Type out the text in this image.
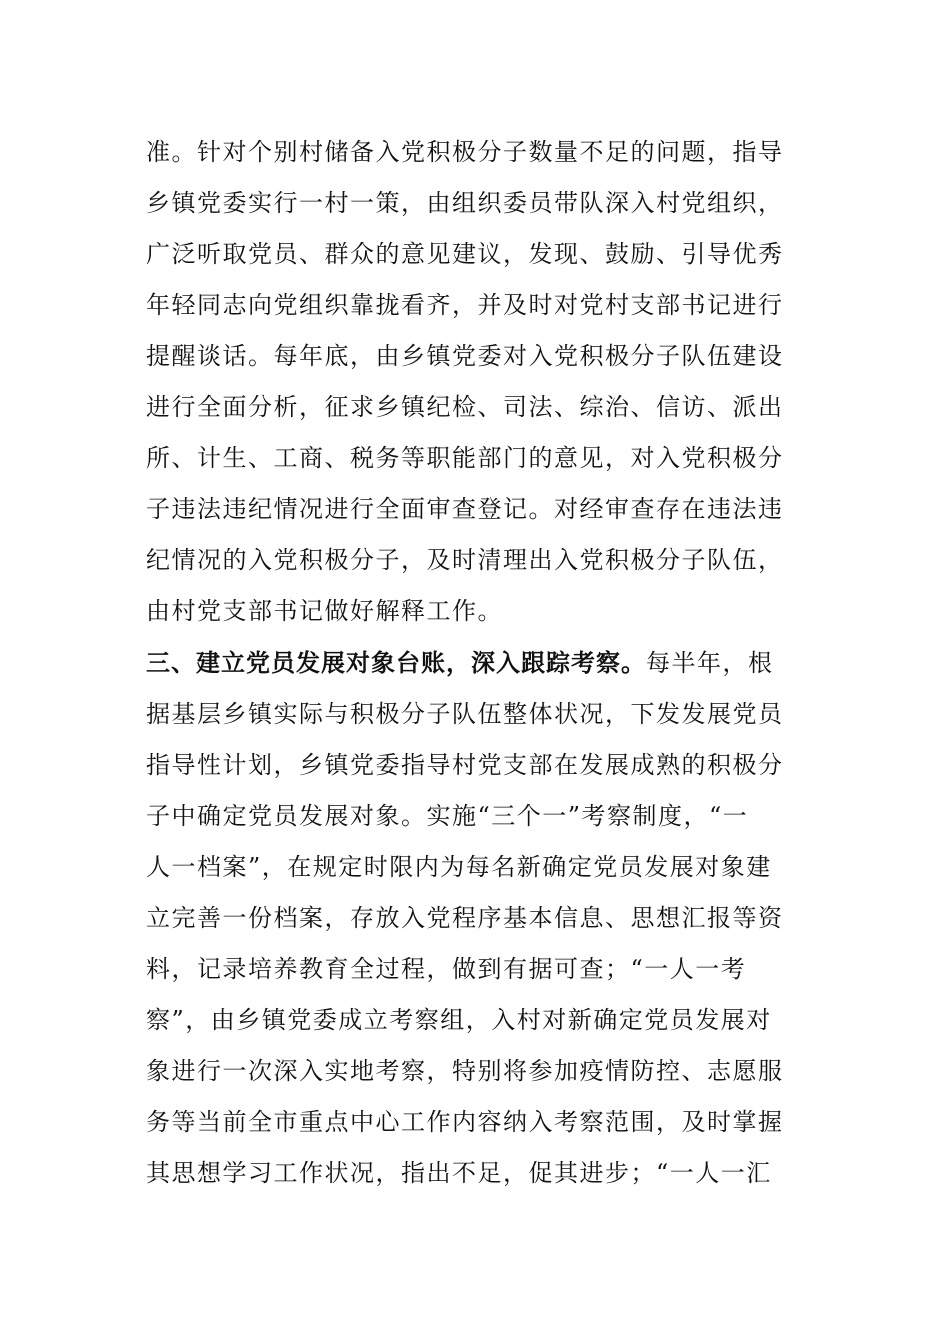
准。针对个别村储备入党积极分子数量不足的问题，指导
乡镇党委实行一村一策，由组织委员带队深入村党组织，
广泛听取党员、群众的意见建议，发现、鼓励、引导优秀
年轻同志向党组织靠拢看齐，并及时对党村支部书记进行
提醒谈话。每年底，由乡镇党委对入党积极分子队伍建设
进行全面分析，征求乡镇纪检、司法、综治、信访、派出
所、计生、工商、税务等职能部门的意见，对入党积极分
子违法违纪情况进行全面审查登记。对经审查存在违法违
纪情况的入党积极分子，及时清理出入党积极分子队伍，
由村党支部书记做好解释工作。
三、建立党员发展对象台账，深入跟踪考察。每半年，根
据基层乡镇实际与积极分子队伍整体状况，下发发展党员
指导性计划，乡镇党委指导村党支部在发展成熟的积极分
子中确定党员发展对象。实施“三个一”考察制度，“一
人一档案”，在规定时限内为每名新确定党员发展对象建
立完善一份档案，存放入党程序基本信息、思想汇报等资
料，记录培养教育全过程，做到有据可查；“一人一考
察”，由乡镇党委成立考察组，入村对新确定党员发展对
象进行一次深入实地考察，特别将参加疫情防控、志愿服
务等当前全市重点中心工作内容纳入考察范围，及时掌握
其思想学习工作状况，指出不足，促其进步；“一人一汇
